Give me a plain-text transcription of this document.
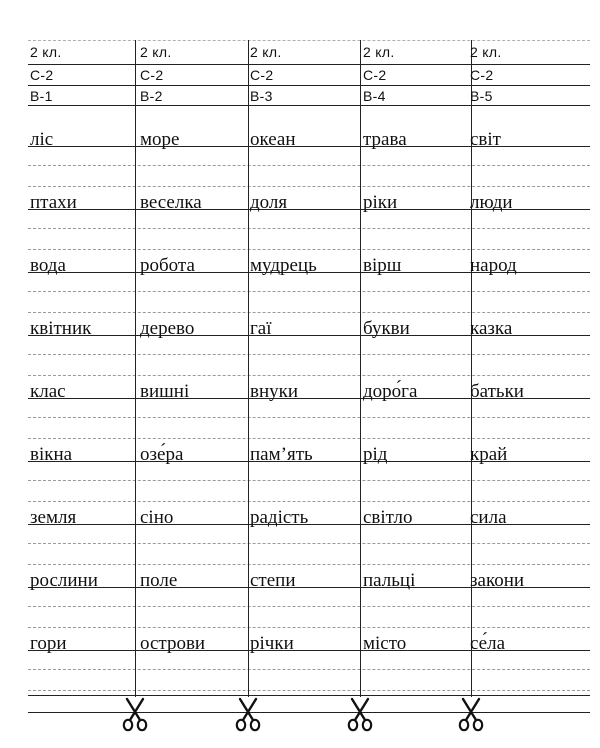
2 кл.
С-2
В-1
ліс
птахи
вода
квітник
клас
вікна
земля
рослини
гори
2 кл.
С-2
В-2
море
веселка
робота
дерево
вишні
озе́ра
сіно
поле
острови
2 кл.
С-2
В-3
океан
доля
мудрець
гаї
внуки
пам’ять
радість
степи
річки
2 кл.
С-2
В-4
трава
ріки
вірш
букви
доро́га
рід
світло
пальці
місто
2 кл.
С-2
В-5
світ
люди
народ
казка
батьки
край
сила
закони
се́ла
